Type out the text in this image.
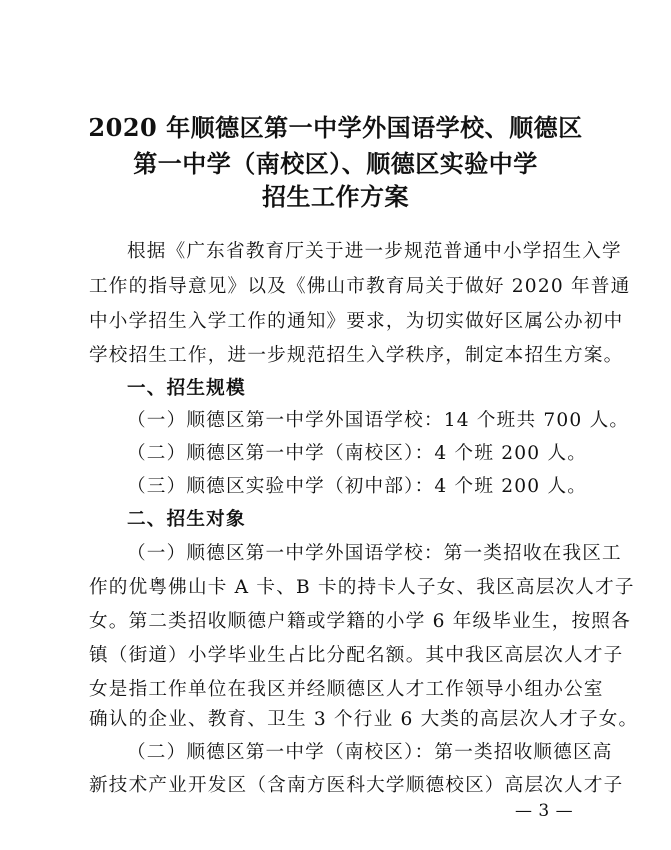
2020 年顺德区第一中学外国语学校、顺德区
第一中学（南校区）、顺德区实验中学
招生工作方案
根据《广东省教育厅关于进一步规范普通中小学招生入学
工作的指导意见》以及《佛山市教育局关于做好 2020 年普通
中小学招生入学工作的通知》要求，为切实做好区属公办初中
学校招生工作，进一步规范招生入学秩序，制定本招生方案。
一、招生规模
（一）顺德区第一中学外国语学校：14 个班共 700 人。
（二）顺德区第一中学（南校区）：4 个班 200 人。
（三）顺德区实验中学（初中部）：4 个班 200 人。
二、招生对象
（一）顺德区第一中学外国语学校：第一类招收在我区工
作的优粤佛山卡 A 卡、B 卡的持卡人子女、我区高层次人才子
女。第二类招收顺德户籍或学籍的小学 6 年级毕业生，按照各
镇（街道）小学毕业生占比分配名额。其中我区高层次人才子
女是指工作单位在我区并经顺德区人才工作领导小组办公室
确认的企业、教育、卫生 3 个行业 6 大类的高层次人才子女。
（二）顺德区第一中学（南校区）：第一类招收顺德区高
新技术产业开发区（含南方医科大学顺德校区）高层次人才子
— 3 —
